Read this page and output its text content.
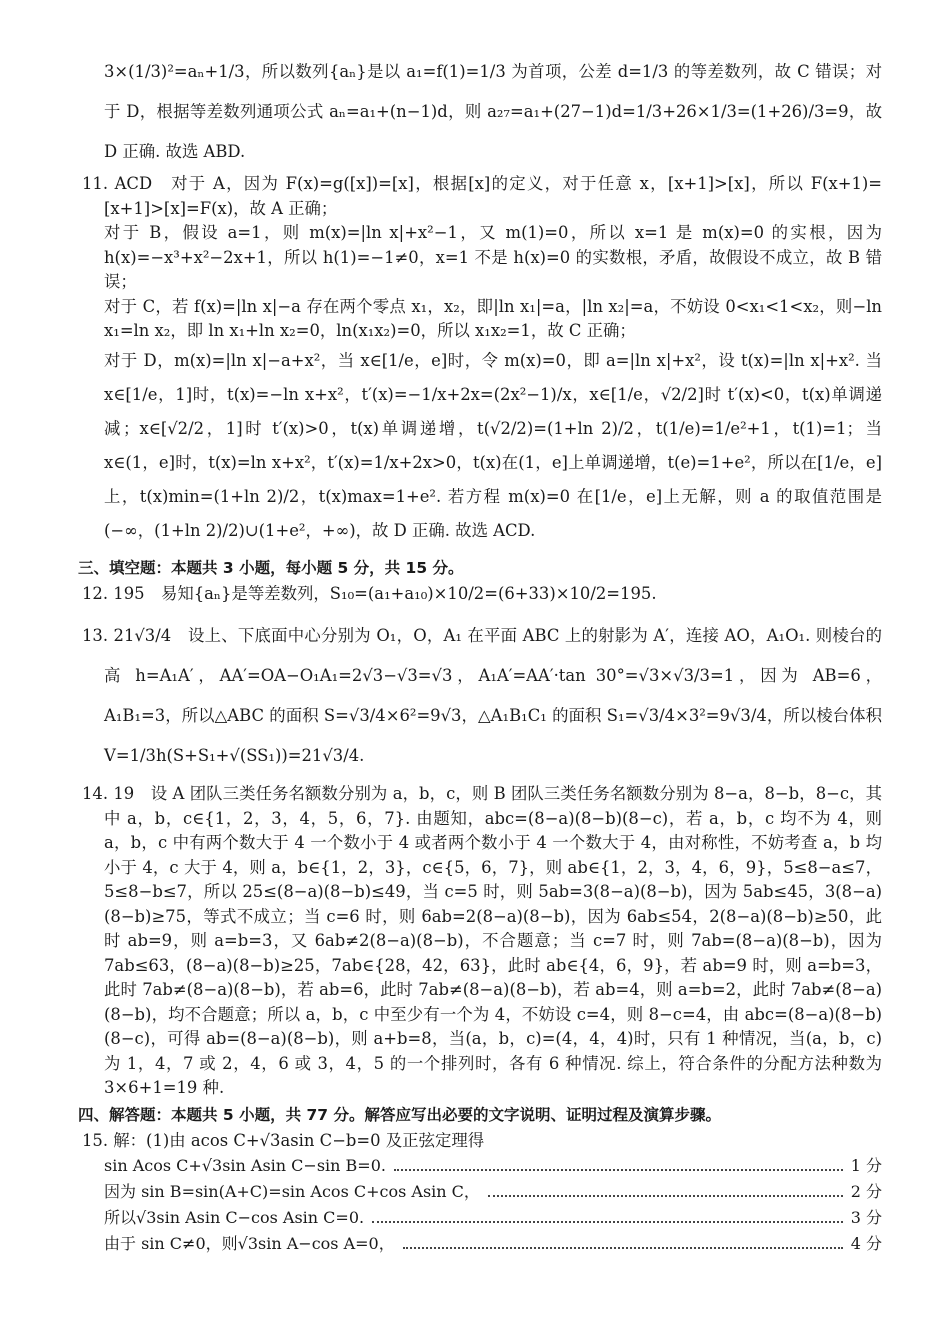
3×(1/3)²=aₙ+1/3，所以数列{aₙ}是以 a₁=f(1)=1/3 为首项，公差 d=1/3 的等差数列，故 C 错误；对于 D，根据等差数列通项公式 aₙ=a₁+(n−1)d，则 a₂₇=a₁+(27−1)d=1/3+26×1/3=(1+26)/3=9，故 D 正确. 故选 ABD.
11. ACD　对于 A，因为 F(x)=g([x])=[x]，根据[x]的定义，对于任意 x，[x+1]>[x]，所以 F(x+1)=[x+1]>[x]=F(x)，故 A 正确；
对于 B，假设 a=1，则 m(x)=|ln x|+x²−1，又 m(1)=0，所以 x=1 是 m(x)=0 的实根，因为 h(x)=−x³+x²−2x+1，所以 h(1)=−1≠0，x=1 不是 h(x)=0 的实数根，矛盾，故假设不成立，故 B 错误；
对于 C，若 f(x)=|ln x|−a 存在两个零点 x₁，x₂，即|ln x₁|=a，|ln x₂|=a，不妨设 0<x₁<1<x₂，则−ln x₁=ln x₂，即 ln x₁+ln x₂=0，ln(x₁x₂)=0，所以 x₁x₂=1，故 C 正确；
对于 D，m(x)=|ln x|−a+x²，当 x∈[1/e，e]时，令 m(x)=0，即 a=|ln x|+x²，设 t(x)=|ln x|+x². 当 x∈[1/e，1]时，t(x)=−ln x+x²，t′(x)=−1/x+2x=(2x²−1)/x，x∈[1/e，√2/2]时 t′(x)<0，t(x)单调递减；x∈[√2/2，1]时 t′(x)>0，t(x)单调递增，t(√2/2)=(1+ln 2)/2，t(1/e)=1/e²+1，t(1)=1；当 x∈(1，e]时，t(x)=ln x+x²，t′(x)=1/x+2x>0，t(x)在(1，e]上单调递增，t(e)=1+e²，所以在[1/e，e]上，t(x)min=(1+ln 2)/2，t(x)max=1+e². 若方程 m(x)=0 在[1/e，e]上无解，则 a 的取值范围是(−∞，(1+ln 2)/2)∪(1+e²，+∞)，故 D 正确. 故选 ACD.
三、填空题：本题共 3 小题，每小题 5 分，共 15 分。
12. 195　易知{aₙ}是等差数列，S₁₀=(a₁+a₁₀)×10/2=(6+33)×10/2=195.
13. 21√3/4　设上、下底面中心分别为 O₁，O，A₁ 在平面 ABC 上的射影为 A′，连接 AO，A₁O₁. 则棱台的高 h=A₁A′，AA′=OA−O₁A₁=2√3−√3=√3，A₁A′=AA′·tan 30°=√3×√3/3=1，因为 AB=6，A₁B₁=3，所以△ABC 的面积 S=√3/4×6²=9√3，△A₁B₁C₁ 的面积 S₁=√3/4×3²=9√3/4，所以棱台体积 V=1/3h(S+S₁+√(SS₁))=21√3/4.
14. 19　设 A 团队三类任务名额数分别为 a，b，c，则 B 团队三类任务名额数分别为 8−a，8−b，8−c，其中 a，b，c∈{1，2，3，4，5，6，7}. 由题知，abc=(8−a)(8−b)(8−c)，若 a，b，c 均不为 4，则 a，b，c 中有两个数大于 4 一个数小于 4 或者两个数小于 4 一个数大于 4，由对称性，不妨考查 a，b 均小于 4，c 大于 4，则 a，b∈{1，2，3}，c∈{5，6，7}，则 ab∈{1，2，3，4，6，9}，5≤8−a≤7，5≤8−b≤7，所以 25≤(8−a)(8−b)≤49，当 c=5 时，则 5ab=3(8−a)(8−b)，因为 5ab≤45，3(8−a)(8−b)≥75，等式不成立；当 c=6 时，则 6ab=2(8−a)(8−b)，因为 6ab≤54，2(8−a)(8−b)≥50，此时 ab=9，则 a=b=3，又 6ab≠2(8−a)(8−b)，不合题意；当 c=7 时，则 7ab=(8−a)(8−b)，因为 7ab≤63，(8−a)(8−b)≥25，7ab∈{28，42，63}，此时 ab∈{4，6，9}，若 ab=9 时，则 a=b=3，此时 7ab≠(8−a)(8−b)，若 ab=6，此时 7ab≠(8−a)(8−b)，若 ab=4，则 a=b=2，此时 7ab≠(8−a)(8−b)，均不合题意；所以 a，b，c 中至少有一个为 4，不妨设 c=4，则 8−c=4，由 abc=(8−a)(8−b)(8−c)，可得 ab=(8−a)(8−b)，则 a+b=8，当(a，b，c)=(4，4，4)时，只有 1 种情况，当(a，b，c)为 1，4，7 或 2，4，6 或 3，4，5 的一个排列时，各有 6 种情况. 综上，符合条件的分配方法种数为 3×6+1=19 种.
四、解答题：本题共 5 小题，共 77 分。解答应写出必要的文字说明、证明过程及演算步骤。
15. 解：(1)由 acos C+√3asin C−b=0 及正弦定理得
sin Acos C+√3sin Asin C−sin B=0.	1 分
因为 sin B=sin(A+C)=sin Acos C+cos Asin C，	2 分
所以√3sin Asin C−cos Asin C=0.	3 分
由于 sin C≠0，则√3sin A−cos A=0，	4 分
